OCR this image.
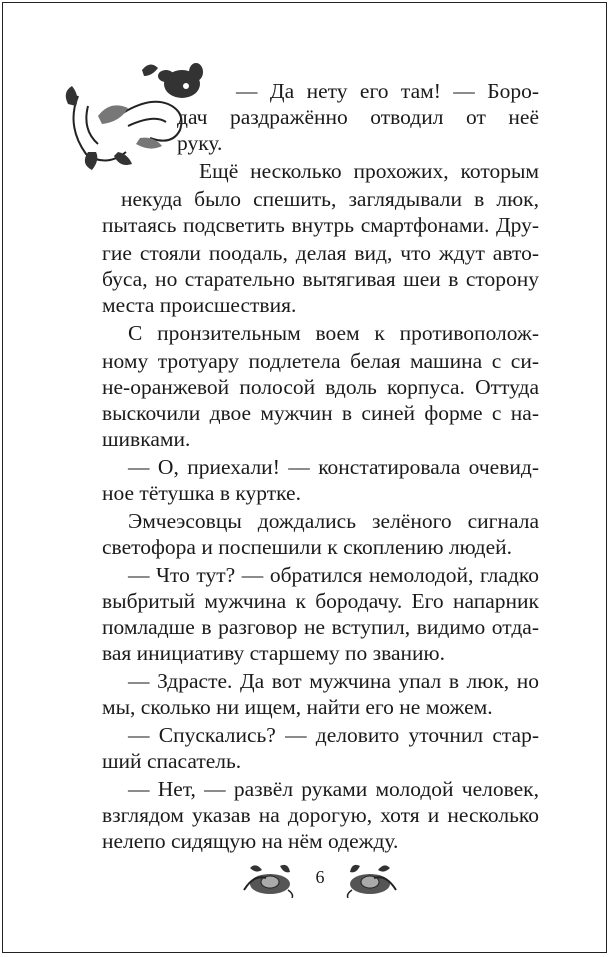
— Да нету его там! — Боро-
дач раздражённо отводил от неё
руку.
Ещё несколько прохожих, которым
некуда было спешить, заглядывали в люк,
пытаясь подсветить внутрь смартфонами. Дру-
гие стояли поодаль, делая вид, что ждут авто-
буса, но старательно вытягивая шеи в сторону
места происшествия.
С пронзительным воем к противополож-
ному тротуару подлетела белая машина с си-
не-оранжевой полосой вдоль корпуса. Оттуда
выскочили двое мужчин в синей форме с на-
шивками.
— О, приехали! — констатировала очевид-
ное тётушка в куртке.
Эмчеэсовцы дождались зелёного сигнала
светофора и поспешили к скоплению людей.
— Что тут? — обратился немолодой, гладко
выбритый мужчина к бородачу. Его напарник
помладше в разговор не вступил, видимо отда-
вая инициативу старшему по званию.
— Здрасте. Да вот мужчина упал в люк, но
мы, сколько ни ищем, найти его не можем.
— Спускались? — деловито уточнил стар-
ший спасатель.
— Нет, — развёл руками молодой человек,
взглядом указав на дорогую, хотя и несколько
нелепо сидящую на нём одежду.
6
